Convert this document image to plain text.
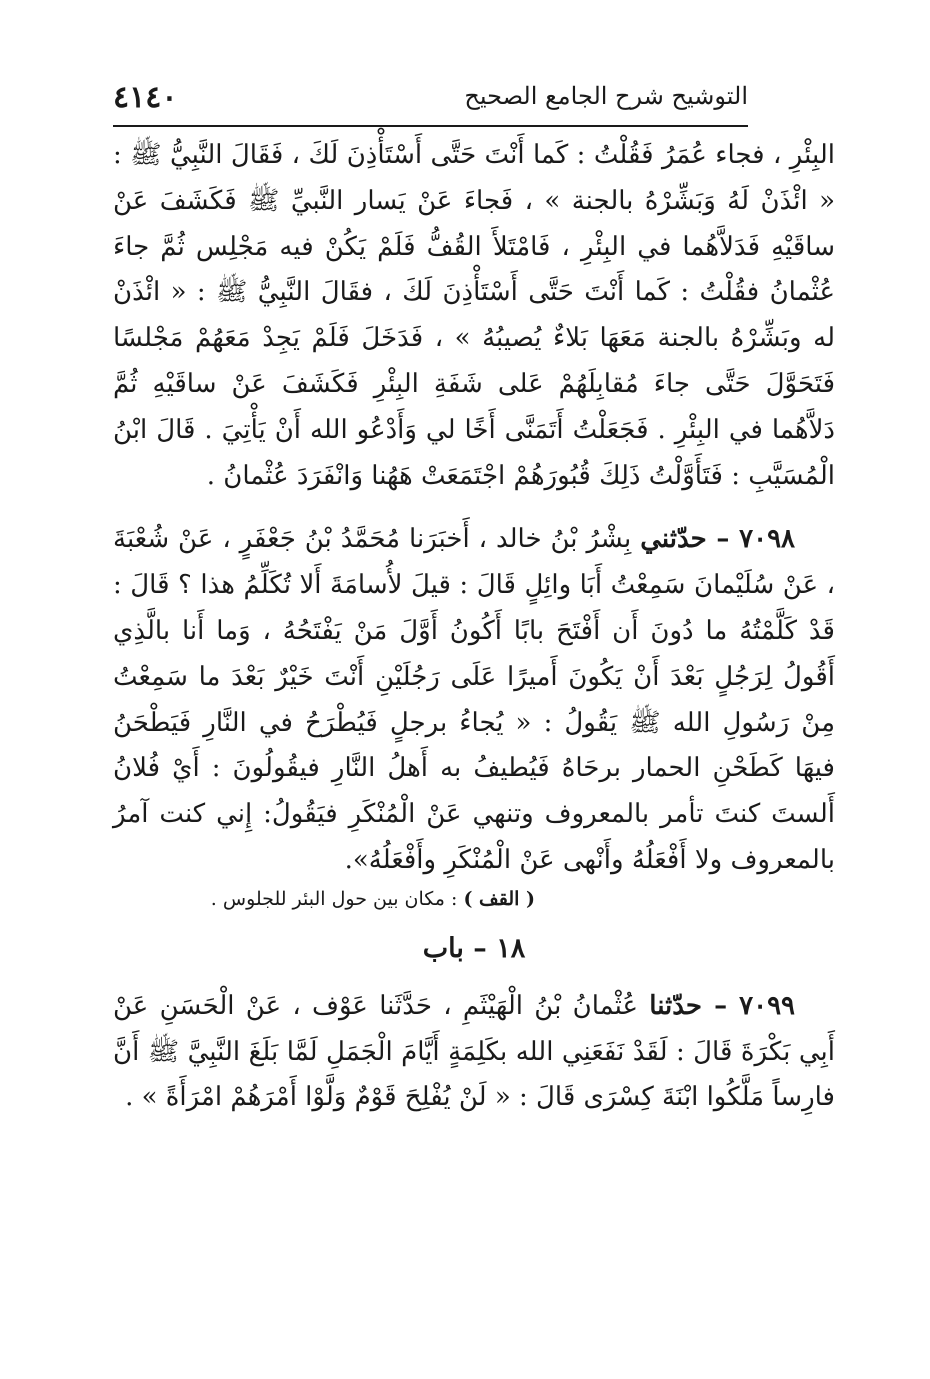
التوشيح شرح الجامع الصحيح
٤١٤٠

البِئْرِ ، فجاء عُمَرُ فَقُلْتُ : كَما أَنْتَ حَتَّى أَسْتَأْذِنَ لَكَ ، فَقَالَ النَّبِيُّ ﷺ : « ائْذَنْ لَهُ وَبَشِّرْهُ بالجنة » ، فَجاءَ عَنْ يَسار النَّبيِّ ﷺ فَكَشَفَ عَنْ ساقَيْهِ فَدَلاَّهُما في البِئْرِ ، فَامْتَلأَ القُفُّ فَلَمْ يَكُنْ فيه مَجْلِس ثُمَّ جاءَ عُثْمانُ فقُلْتُ : كَما أَنْتَ حَتَّى أَسْتَأْذِنَ لَكَ ، فقَالَ النَّبِيُّ ﷺ : « ائْذَنْ له وبَشِّرْهُ بالجنة مَعَهَا بَلاءٌ يُصيبُهُ » ، فَدَخَلَ فَلَمْ يَجِدْ مَعَهُمْ مَجْلسًا فَتَحَوَّلَ حَتَّى جاءَ مُقابِلَهُمْ عَلى شَفَةِ البِئْرِ فَكَشَفَ عَنْ ساقَيْهِ ثُمَّ دَلاَّهُما في البِئْرِ . فَجَعَلْتُ أَتَمَنَّى أَخًا لي وَأَدْعُو الله أَنْ يَأْتِيَ . قَالَ ابْنُ الْمُسَيَّبِ : فَتَأَوَّلْتُ ذَلِكَ قُبُورَهُمْ اجْتَمَعَتْ هَهُنا وَانْفَرَدَ عُثْمانُ .

٧٠٩٨ – حدّثني بِشْرُ بْنُ خالد ، أَخبَرَنا مُحَمَّدُ بْنُ جَعْفَرٍ ، عَنْ شُعْبَةَ ، عَنْ سُلَيْمانَ سَمِعْتُ أَبَا وائِلٍ قَالَ : قيلَ لأُسامَةَ أَلا تُكَلِّمُ هذا ؟ قَالَ : قَدْ كَلَّمْتُهُ ما دُونَ أَن أَفْتَحَ بابًا أَكُونُ أَوَّلَ مَنْ يَفْتَحُهُ ، وَما أَنا بالَّذِي أَقُولُ لِرَجُلٍ بَعْدَ أَنْ يَكُونَ أَميرًا عَلَى رَجُلَيْنِ أَنْتَ خَيْرٌ بَعْدَ ما سَمِعْتُ مِنْ رَسُولِ الله ﷺ يَقُولُ : « يُجاءُ برجلٍ فَيُطْرَحُ في النَّارِ فَيَطْحَنُ فيهَا كَطَحْنِ الحمار برحَاهُ فَيُطيفُ به أَهلُ النَّارِ فيقُولُونَ : أَيْ فُلانُ أَلستَ كنتَ تأمر بالمعروف وتنهي عَنْ الْمُنْكَرِ فيَقُولُ: إِني كنت آمرُ بالمعروف ولا أَفْعَلُهُ وأَنْهى عَنْ الْمُنْكَرِ وأَفْعَلُهُ».

( القف ) : مكان بين حول البئر للجلوس .

١٨ – باب

٧٠٩٩ – حدّثنا عُثْمانُ بْنُ الْهَيْثَمِ ، حَدَّثَنا عَوْف ، عَنْ الْحَسَنِ عَنْ أَبِي بَكْرَةَ قَالَ : لَقَدْ نَفَعَنِي الله بكَلِمَةٍ أَيَّامَ الْجَمَلِ لَمَّا بَلَغَ النَّبِيَّ ﷺ أَنَّ فارِساً مَلَّكُوا ابْنَةَ كِسْرَى قَالَ : « لَنْ يُفْلِحَ قَوْمٌ وَلَّوْا أَمْرَهُمْ امْرَأَةً » .
